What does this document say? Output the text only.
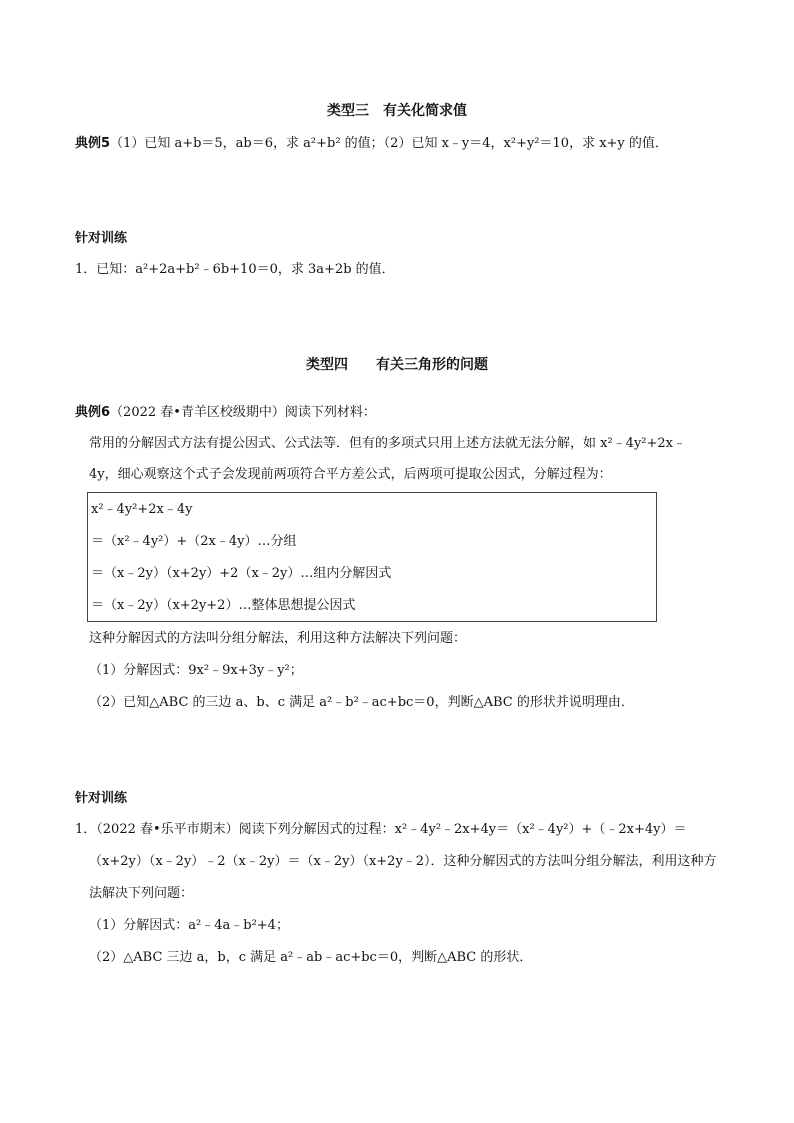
类型三　有关化简求值
典例5（1）已知 a+b＝5，ab＝6，求 a²+b² 的值；（2）已知 x﹣y＝4，x²+y²＝10，求 x+y 的值．
针对训练
1．已知：a²+2a+b²﹣6b+10＝0，求 3a+2b 的值．
类型四　　有关三角形的问题
典例6（2022 春•青羊区校级期中）阅读下列材料：
常用的分解因式方法有提公因式、公式法等．但有的多项式只用上述方法就无法分解，如 x²﹣4y²+2x﹣
4y，细心观察这个式子会发现前两项符合平方差公式，后两项可提取公因式，分解过程为：
x²﹣4y²+2x﹣4y
＝（x²﹣4y²）+（2x﹣4y）…分组
＝（x﹣2y）（x+2y）+2（x﹣2y）…组内分解因式
＝（x﹣2y）（x+2y+2）…整体思想提公因式
这种分解因式的方法叫分组分解法，利用这种方法解决下列问题：
（1）分解因式：9x²﹣9x+3y﹣y²；
（2）已知△ABC 的三边 a、b、c 满足 a²﹣b²﹣ac+bc＝0，判断△ABC 的形状并说明理由．
针对训练
1．（2022 春•乐平市期末）阅读下列分解因式的过程：x²﹣4y²﹣2x+4y＝（x²﹣4y²）+（﹣2x+4y）＝
（x+2y）（x﹣2y）﹣2（x﹣2y）＝（x﹣2y）（x+2y﹣2）．这种分解因式的方法叫分组分解法，利用这种方
法解决下列问题：
（1）分解因式：a²﹣4a﹣b²+4；
（2）△ABC 三边 a，b，c 满足 a²﹣ab﹣ac+bc＝0，判断△ABC 的形状．
